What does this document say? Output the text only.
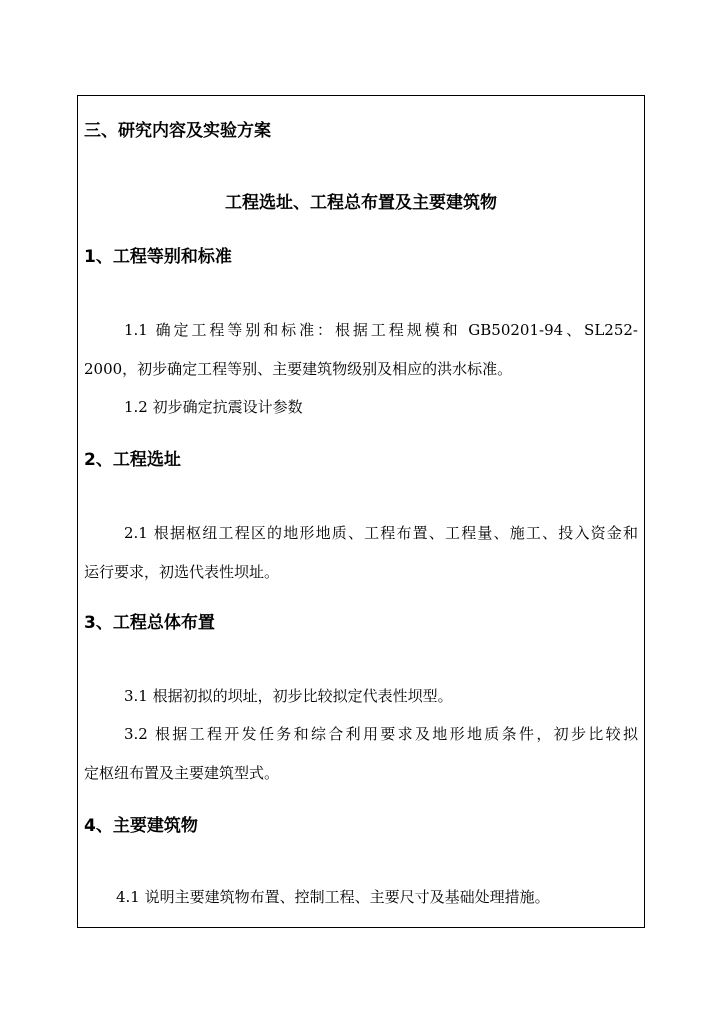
三、研究内容及实验方案
工程选址、工程总布置及主要建筑物
1、工程等别和标准
1.1 确定工程等别和标准：根据工程规模和 GB50201-94、SL252-
2000，初步确定工程等别、主要建筑物级别及相应的洪水标准。
1.2 初步确定抗震设计参数
2、工程选址
2.1 根据枢纽工程区的地形地质、工程布置、工程量、施工、投入资金和
运行要求，初选代表性坝址。
3、工程总体布置
3.1 根据初拟的坝址，初步比较拟定代表性坝型。
3.2 根据工程开发任务和综合利用要求及地形地质条件，初步比较拟
定枢纽布置及主要建筑型式。
4、主要建筑物
4.1 说明主要建筑物布置、控制工程、主要尺寸及基础处理措施。
